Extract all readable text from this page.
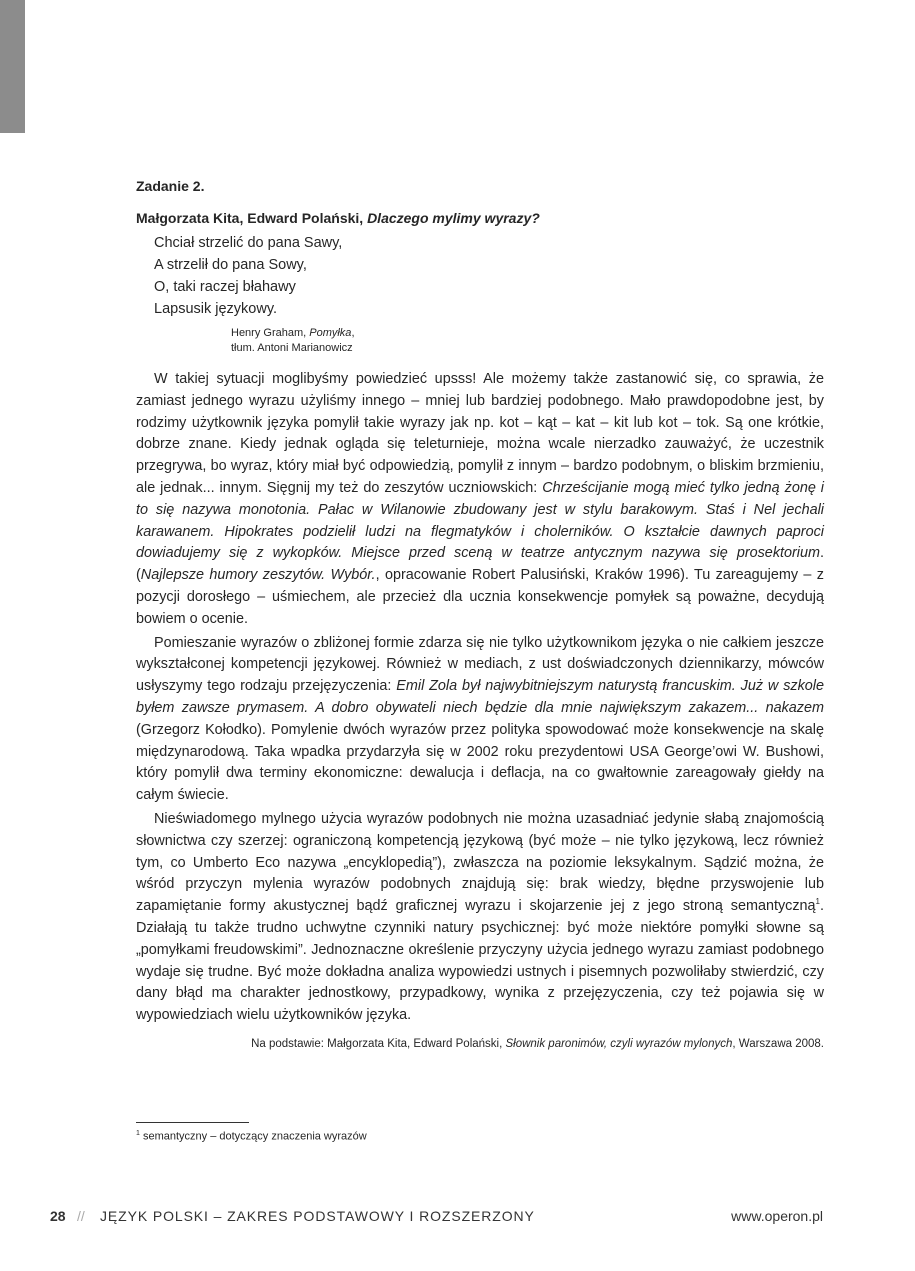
Zadanie 2.
Małgorzata Kita, Edward Polański, Dlaczego mylimy wyrazy?
Chciał strzelić do pana Sawy,
A strzelił do pana Sowy,
O, taki raczej błahawy
Lapsusik językowy.
Henry Graham, Pomyłka,
tłum. Antoni Marianowicz

W takiej sytuacji moglibyśmy powiedzieć upsss! Ale możemy także zastanowić się, co sprawia, że zamiast jednego wyrazu użyliśmy innego – mniej lub bardziej podobnego. Mało prawdopodobne jest, by rodzimy użytkownik języka pomylił takie wyrazy jak np. kot – kąt – kat – kit lub kot – tok. Są one krótkie, dobrze znane. Kiedy jednak ogląda się teleturnieje, można wcale nierzadko zauważyć, że uczestnik przegrywa, bo wyraz, który miał być odpowiedzią, pomylił z innym – bardzo podobnym, o bliskim brzmieniu, ale jednak... innym. Sięgnij my też do zeszytów uczniowskich: Chrześcijanie mogą mieć tylko jedną żonę i to się nazywa monotonia. Pałac w Wilanowie zbudowany jest w stylu barakowym. Staś i Nel jechali karawanem. Hipokrates podzielił ludzi na flegmatyków i cholerników. O kształcie dawnych paproci dowiadujemy się z wykopków. Miejsce przed sceną w teatrze antycznym nazywa się prosektorium. (Najlepsze humory zeszytów. Wybór., opracowanie Robert Palusiński, Kraków 1996). Tu zareagujemy – z pozycji dorosłego – uśmiechem, ale przecież dla ucznia konsekwencje pomyłek są poważne, decydują bowiem o ocenie.

Pomieszanie wyrazów o zbliżonej formie zdarza się nie tylko użytkownikom języka o nie całkiem jeszcze wykształconej kompetencji językowej. Również w mediach, z ust doświadczonych dziennikarzy, mówców usłyszymy tego rodzaju przejęzyczenia: Emil Zola był najwybitniejszym naturystą francuskim. Już w szkole byłem zawsze prymasem. A dobro obywateli niech będzie dla mnie największym zakazem... nakazem (Grzegorz Kołodko). Pomylenie dwóch wyrazów przez polityka spowodować może konsekwencje na skalę międzynarodową. Taka wpadka przydarzyła się w 2002 roku prezydentowi USA George’owi W. Bushowi, który pomylił dwa terminy ekonomiczne: dewalucja i deflacja, na co gwałtownie zareagowały giełdy na całym świecie.

Nieświadomego mylnego użycia wyrazów podobnych nie można uzasadniać jedynie słabą znajomością słownictwa czy szerzej: ograniczoną kompetencją językową (być może – nie tylko językową, lecz również tym, co Umberto Eco nazywa „encyklopedią”), zwłaszcza na poziomie leksykalnym. Sądzić można, że wśród przyczyn mylenia wyrazów podobnych znajdują się: brak wiedzy, błędne przyswojenie lub zapamiętanie formy akustycznej bądź graficznej wyrazu i skojarzenie jej z jego stroną semantyczną$^1$. Działają tu także trudno uchwytne czynniki natury psychicznej: być może niektóre pomyłki słowne są „pomyłkami freudowskimi”. Jednoznaczne określenie przyczyny użycia jednego wyrazu zamiast podobnego wydaje się trudne. Być może dokładna analiza wypowiedzi ustnych i pisemnych pozwoliłaby stwierdzić, czy dany błąd ma charakter jednostkowy, przypadkowy, wynika z przejęzyczenia, czy też pojawia się w wypowiedziach wielu użytkowników języka.

Na podstawie: Małgorzata Kita, Edward Polański, Słownik paronimów, czyli wyrazów mylonych, Warszawa 2008.
$^1$ semantyczny – dotyczący znaczenia wyrazów
28 // JĘZYK POLSKI – ZAKRES PODSTAWOWY I ROZSZERZONY	www.operon.pl
